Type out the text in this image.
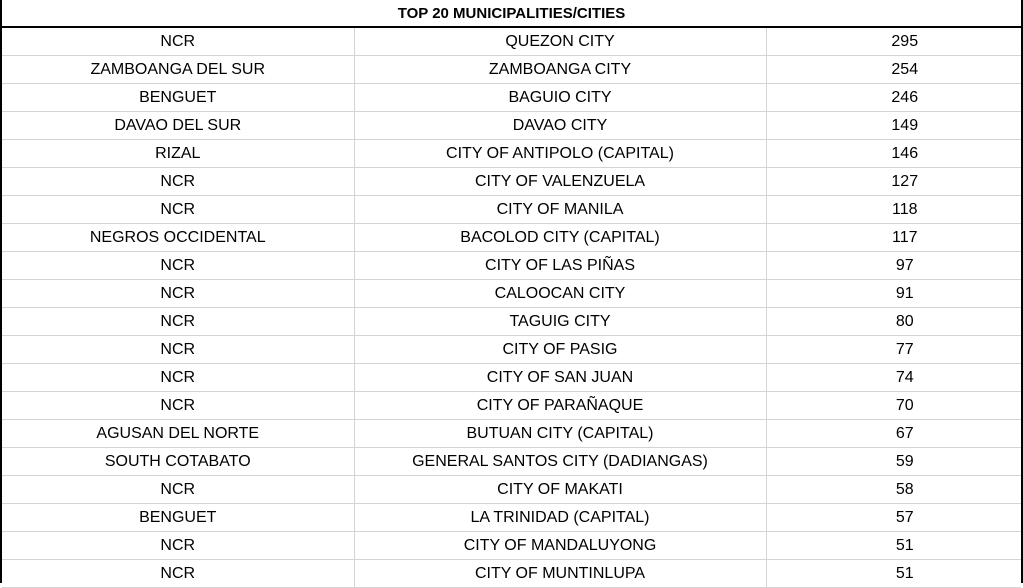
TOP 20 MUNICIPALITIES/CITIES		
NCR	QUEZON CITY	295
ZAMBOANGA DEL SUR	ZAMBOANGA CITY	254
BENGUET	BAGUIO CITY	246
DAVAO DEL SUR	DAVAO CITY	149
RIZAL	CITY OF ANTIPOLO (CAPITAL)	146
NCR	CITY OF VALENZUELA	127
NCR	CITY OF MANILA	118
NEGROS OCCIDENTAL	BACOLOD CITY (CAPITAL)	117
NCR	CITY OF LAS PIÑAS	97
NCR	CALOOCAN CITY	91
NCR	TAGUIG CITY	80
NCR	CITY OF PASIG	77
NCR	CITY OF SAN JUAN	74
NCR	CITY OF PARAÑAQUE	70
AGUSAN DEL NORTE	BUTUAN CITY (CAPITAL)	67
SOUTH COTABATO	GENERAL SANTOS CITY (DADIANGAS)	59
NCR	CITY OF MAKATI	58
BENGUET	LA TRINIDAD (CAPITAL)	57
NCR	CITY OF MANDALUYONG	51
NCR	CITY OF MUNTINLUPA	51
